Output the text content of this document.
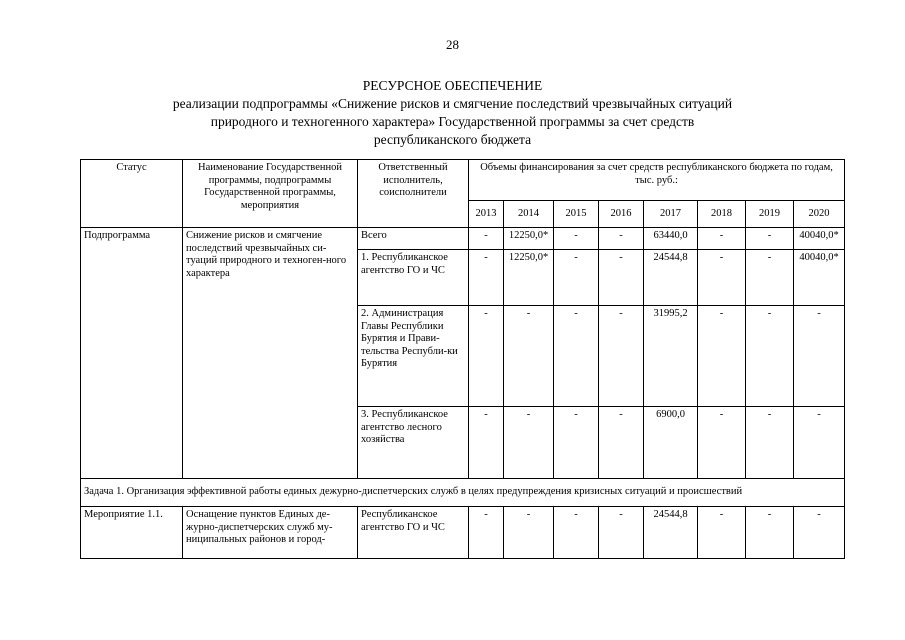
28
РЕСУРСНОЕ ОБЕСПЕЧЕНИЕ
реализации подпрограммы «Снижение рисков и смягчение последствий чрезвычайных ситуаций
природного и техногенного характера» Государственной программы за счет средств
республиканского бюджета
Статус	Наименование Государственной программы, подпрограммы Государственной программы, мероприятия	Ответственный исполнитель, соисполнители	Объемы финансирования за счет средств республиканского бюджета по годам, тыс. руб.:							
			2013	2014	2015	2016	2017	2018	2019	2020
Подпрограмма	Снижение рисков и смягчение последствий чрезвычайных си-туаций природного и техноген-ного характера	Всего	-	12250,0*	-	-	63440,0	-	-	40040,0*
		1. Республиканское агентство ГО и ЧС	-	12250,0*	-	-	24544,8	-	-	40040,0*
		2. Администрация Главы Республики Бурятия и Прави-тельства Республи-ки Бурятия	-	-	-	-	31995,2	-	-	-
		3. Республиканское агентство лесного хозяйства	-	-	-	-	6900,0	-	-	-
Задача 1. Организация эффективной работы единых дежурно-диспетчерских служб в целях предупреждения кризисных ситуаций и происшествий										
Мероприятие 1.1.	Оснащение пунктов Единых де-журно-диспетчерских служб му-ниципальных районов и город-	Республиканское агентство ГО и ЧС	-	-	-	-	24544,8	-	-	-
